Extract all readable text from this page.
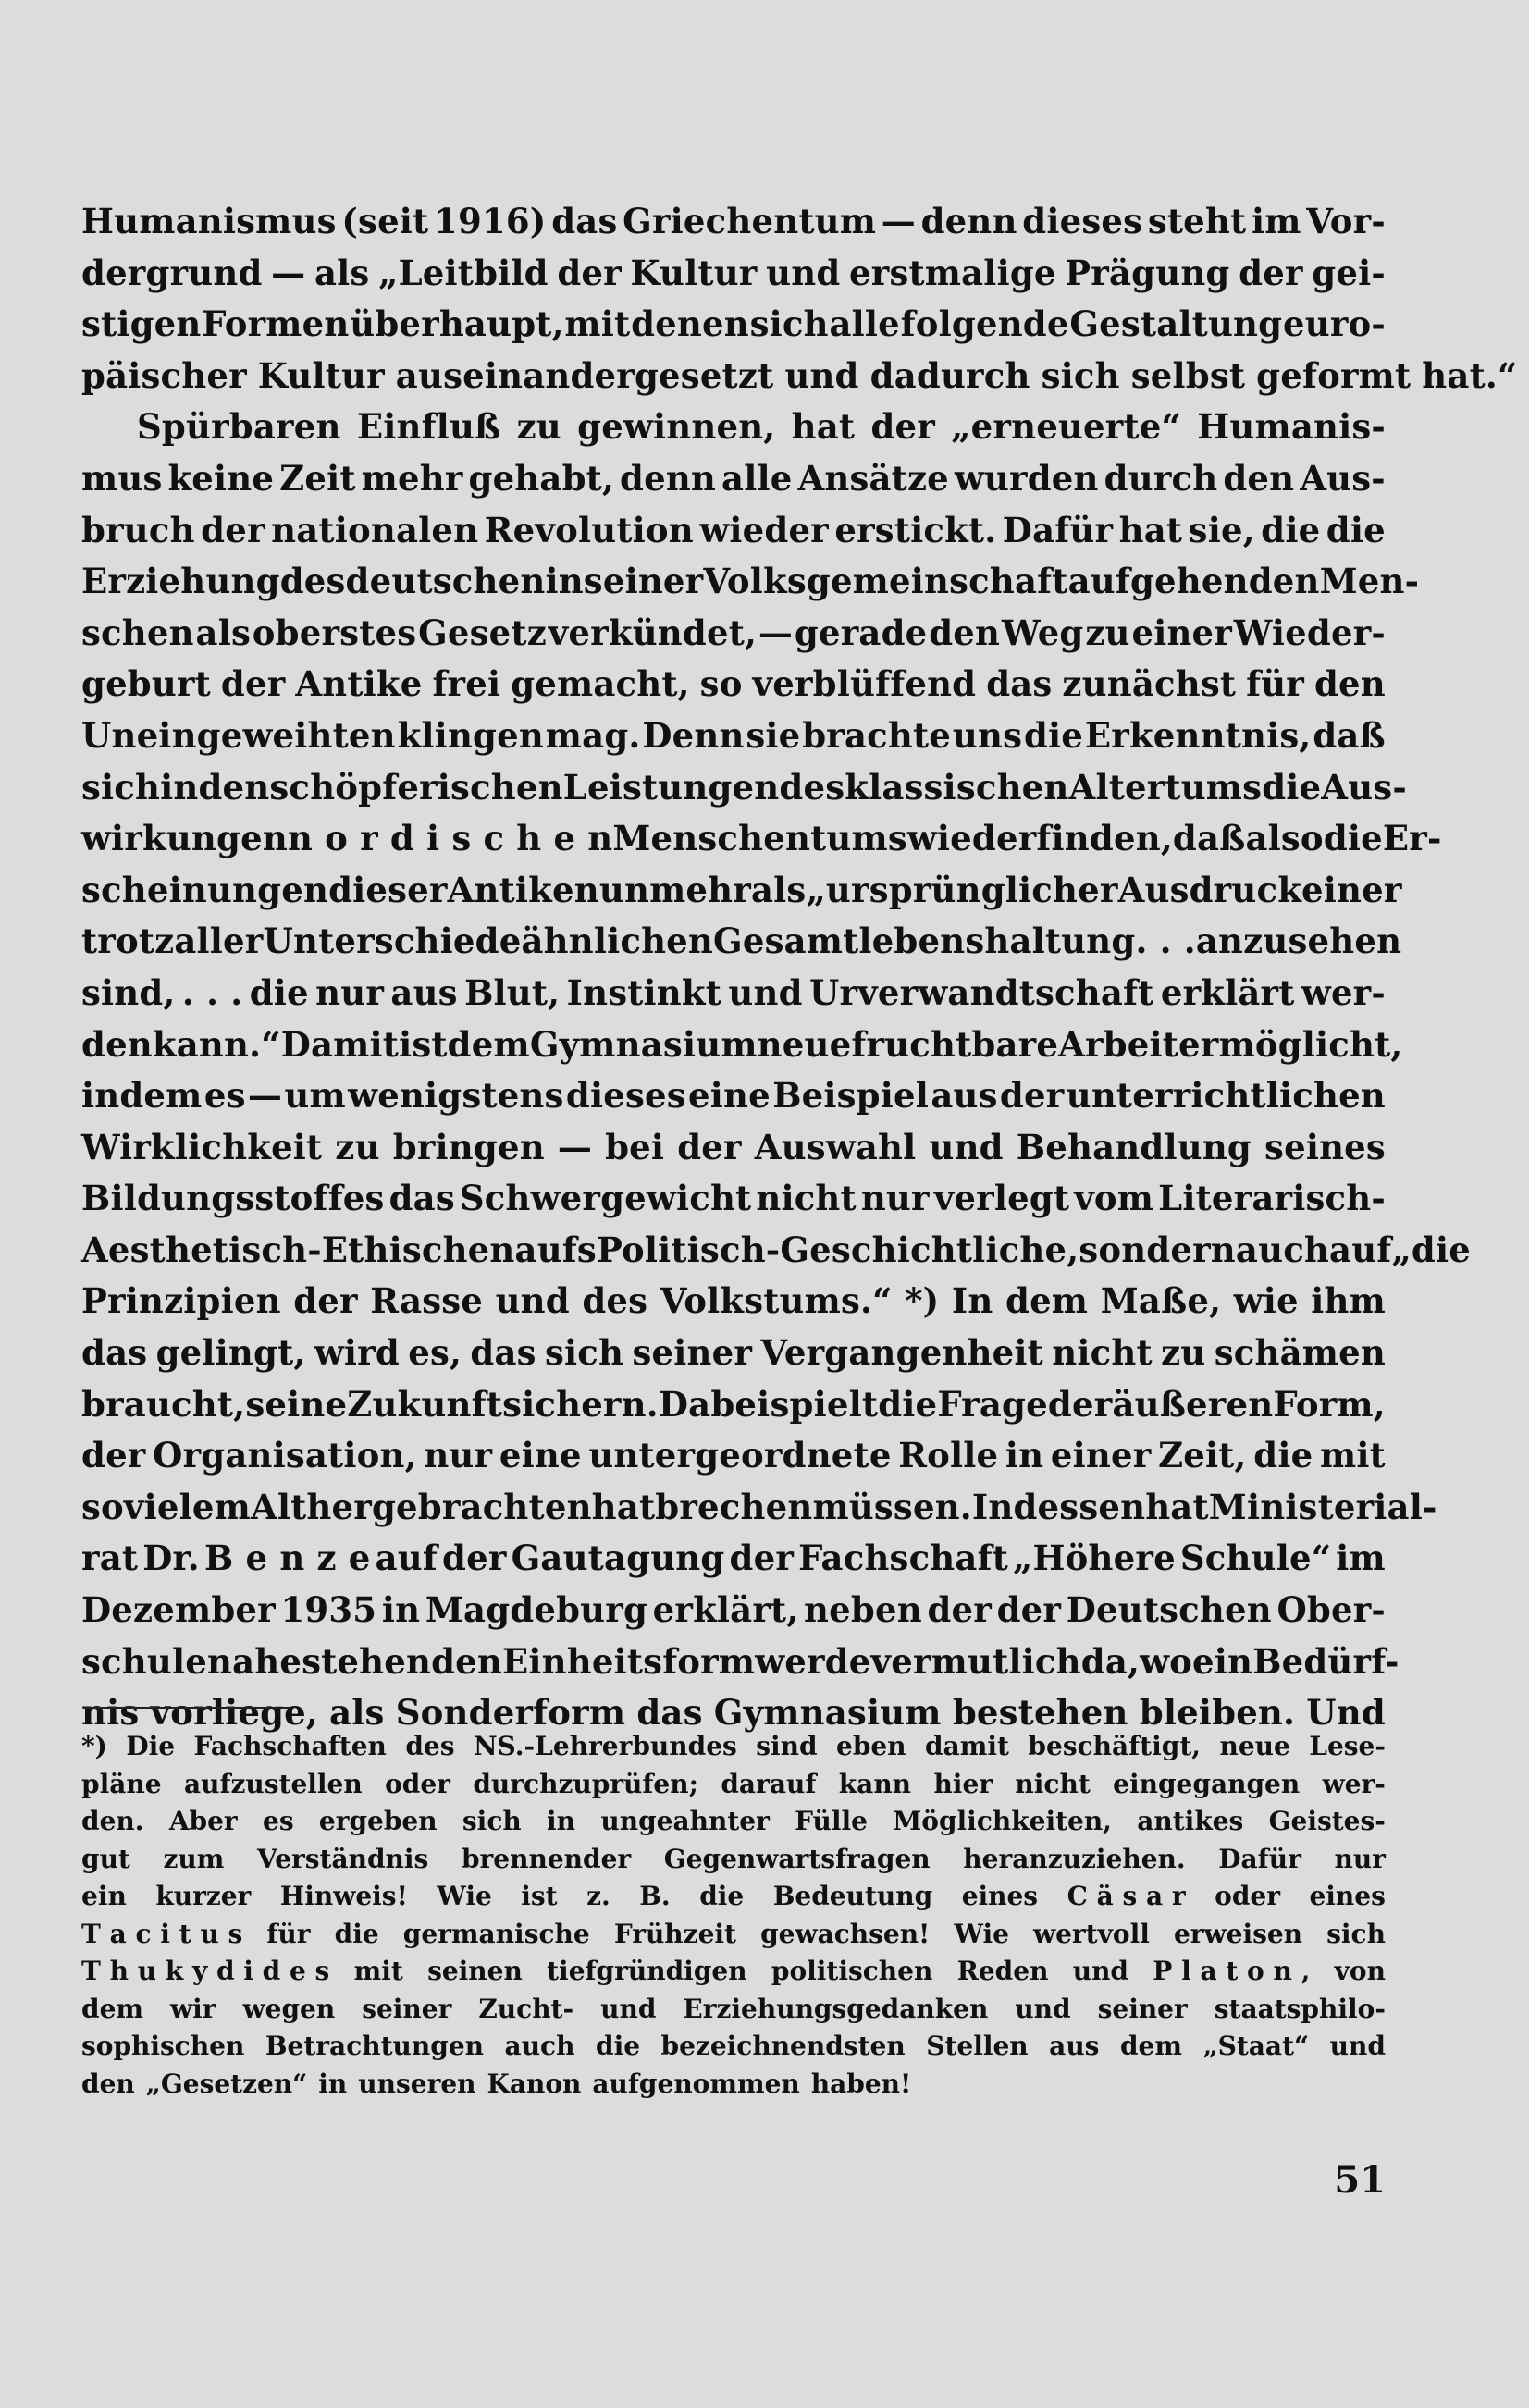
Humanismus (seit 1916) das Griechentum — denn dieses steht im Vor-
dergrund — als „Leitbild der Kultur und erstmalige Prägung der gei-
stigen Formen überhaupt, mit denen sich alle folgende Gestaltung euro-
päischer Kultur auseinandergesetzt und dadurch sich selbst geformt hat.“
Spürbaren Einfluß zu gewinnen, hat der „erneuerte“ Humanis-
mus keine Zeit mehr gehabt, denn alle Ansätze wurden durch den Aus-
bruch der nationalen Revolution wieder erstickt. Dafür hat sie, die die
Erziehung des deutschen in seiner Volksgemeinschaft aufgehenden Men-
schen als oberstes Gesetz verkündet, — gerade den Weg zu einer Wieder-
geburt der Antike frei gemacht, so verblüffend das zunächst für den
Uneingeweihten klingen mag. Denn sie brachte uns die Erkenntnis, daß
sich in den schöpferischen Leistungen des klassischen Altertums die Aus-
wirkungen n o r d i s c h e n Menschentums wiederfinden, daß also die Er-
scheinungen dieser Antike nunmehr als „ursprünglicher Ausdruck einer
trotz aller Unterschiede ähnlichen Gesamtlebenshaltung . . . anzusehen
sind, . . . die nur aus Blut, Instinkt und Urverwandtschaft erklärt wer-
den kann.“ Damit ist dem Gymnasium neue fruchtbare Arbeit ermöglicht,
indem es — um wenigstens dieses eine Beispiel aus der unterrichtlichen
Wirklichkeit zu bringen — bei der Auswahl und Behandlung seines
Bildungsstoffes das Schwergewicht nicht nur verlegt vom Literarisch-
Aesthetisch-Ethischen aufs Politisch-Geschichtliche, sondern auch auf „die
Prinzipien der Rasse und des Volkstums.“ *) In dem Maße, wie ihm
das gelingt, wird es, das sich seiner Vergangenheit nicht zu schämen
braucht, seine Zukunft sichern. Dabei spielt die Frage der äußeren Form,
der Organisation, nur eine untergeordnete Rolle in einer Zeit, die mit
so vielem Althergebrachten hat brechen müssen. Indessen hat Ministerial-
rat Dr. B e n z e auf der Gautagung der Fachschaft „Höhere Schule“ im
Dezember 1935 in Magdeburg erklärt, neben der der Deutschen Ober-
schule nahestehenden Einheitsform werde vermutlich da, wo ein Bedürf-
nis vorliege, als Sonderform das Gymnasium bestehen bleiben. Und
*) Die Fachschaften des NS.-Lehrerbundes sind eben damit beschäftigt, neue Lese-
pläne aufzustellen oder durchzuprüfen; darauf kann hier nicht eingegangen wer-
den. Aber es ergeben sich in ungeahnter Fülle Möglichkeiten, antikes Geistes-
gut zum Verständnis brennender Gegenwartsfragen heranzuziehen. Dafür nur
ein kurzer Hinweis! Wie ist z. B. die Bedeutung eines C ä s a r oder eines
T a c i t u s für die germanische Frühzeit gewachsen! Wie wertvoll erweisen sich
T h u k y d i d e s mit seinen tiefgründigen politischen Reden und P l a t o n , von
dem wir wegen seiner Zucht- und Erziehungsgedanken und seiner staatsphilo-
sophischen Betrachtungen auch die bezeichnendsten Stellen aus dem „Staat“ und
den „Gesetzen“ in unseren Kanon aufgenommen haben!
51
